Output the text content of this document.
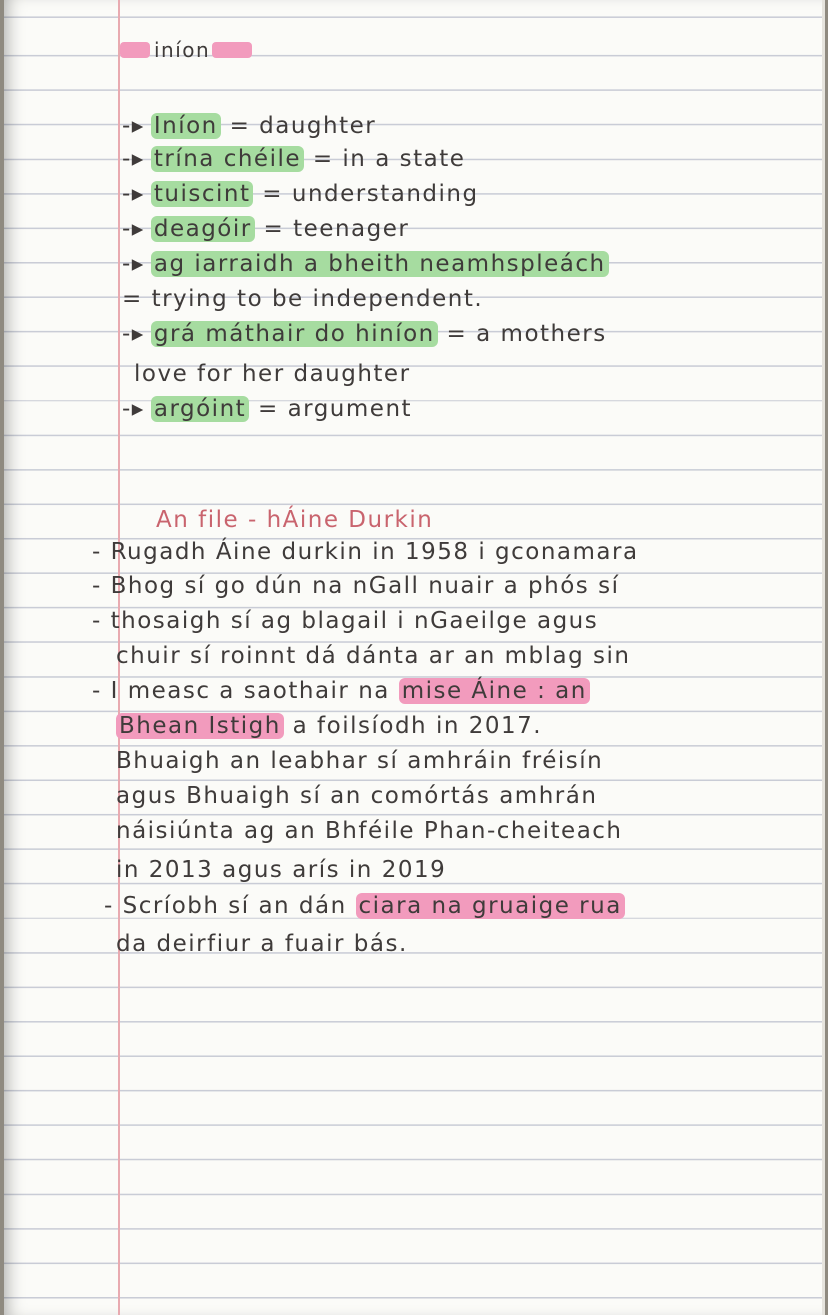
iníon
-▸ Iníon = daughter
-▸ trína chéile = in a state
-▸ tuiscint = understanding
-▸ deagóir = teenager
-▸ ag iarraidh a bheith neamhspleách
= trying to be independent.
-▸ grá máthair do hiníon = a mothers
love for her daughter
-▸ argóint = argument
An file - hÁine Durkin
- Rugadh Áine durkin in 1958 i gconamara
- Bhog sí go dún na nGall nuair a phós sí
- thosaigh sí ag blagail i nGaeilge agus
chuir sí roinnt dá dánta ar an mblag sin
- I measc a saothair na mise Áine : an
Bhean Istigh a foilsíodh in 2017.
Bhuaigh an leabhar sí amhráin fréisín
agus Bhuaigh sí an comórtás amhrán
náisiúnta ag an Bhféile Phan-cheiteach
in 2013 agus arís in 2019
- Scríobh sí an dán ciara na gruaige rua
da deirfiur a fuair bás.
